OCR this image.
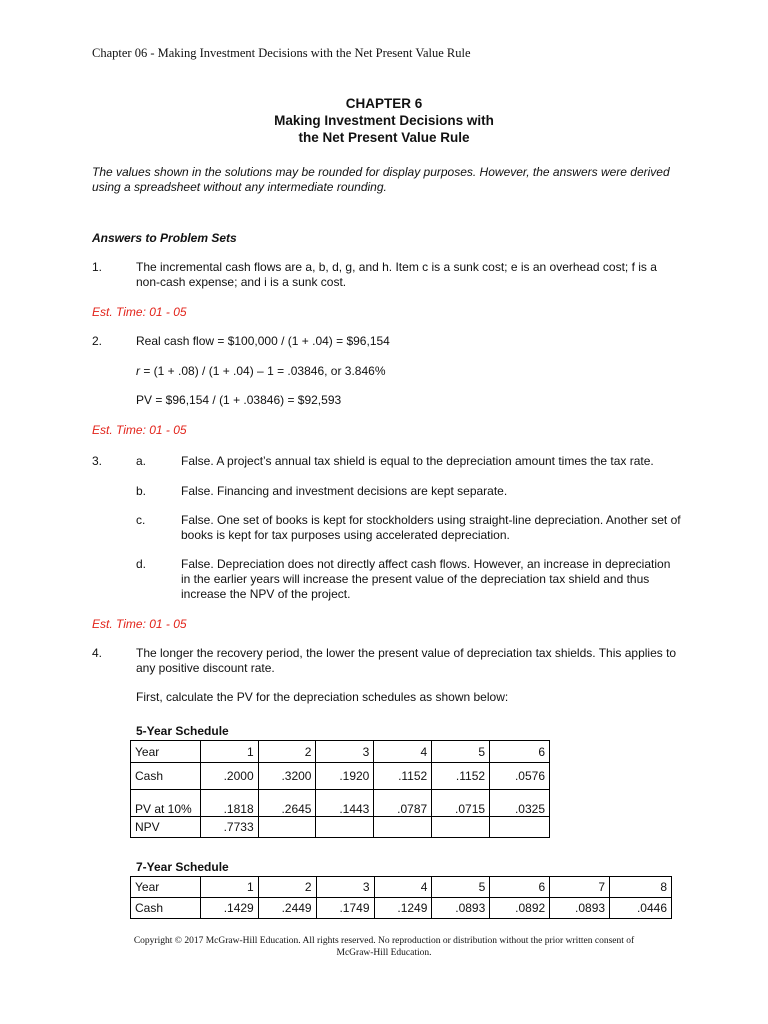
Chapter 06 - Making Investment Decisions with the Net Present Value Rule
CHAPTER 6
Making Investment Decisions with
the Net Present Value Rule
The values shown in the solutions may be rounded for display purposes. However, the answers were derived using a spreadsheet without any intermediate rounding.
Answers to Problem Sets
1.	The incremental cash flows are a, b, d, g, and h. Item c is a sunk cost; e is an overhead cost; f is a non-cash expense; and i is a sunk cost.
Est. Time: 01 - 05
2.	Real cash flow = $100,000 / (1 + .04) = $96,154
r = (1 + .08) / (1 + .04) – 1 = .03846, or 3.846%
PV = $96,154 / (1 + .03846) = $92,593
Est. Time: 01 - 05
3.	a.	False. A project’s annual tax shield is equal to the depreciation amount times the tax rate.
b.	False. Financing and investment decisions are kept separate.
c.	False. One set of books is kept for stockholders using straight-line depreciation. Another set of books is kept for tax purposes using accelerated depreciation.
d.	False. Depreciation does not directly affect cash flows. However, an increase in depreciation in the earlier years will increase the present value of the depreciation tax shield and thus increase the NPV of the project.
Est. Time: 01 - 05
4.	The longer the recovery period, the lower the present value of depreciation tax shields. This applies to any positive discount rate.
First, calculate the PV for the depreciation schedules as shown below:
5-Year Schedule
Year	1	2	3	4	5	6
Cash	.2000	.3200	.1920	.1152	.1152	.0576
PV at 10%	.1818	.2645	.1443	.0787	.0715	.0325
NPV	.7733					
7-Year Schedule
Year	1	2	3	4	5	6	7	8
Cash	.1429	.2449	.1749	.1249	.0893	.0892	.0893	.0446
Copyright © 2017 McGraw-Hill Education. All rights reserved. No reproduction or distribution without the prior written consent of
McGraw-Hill Education.
